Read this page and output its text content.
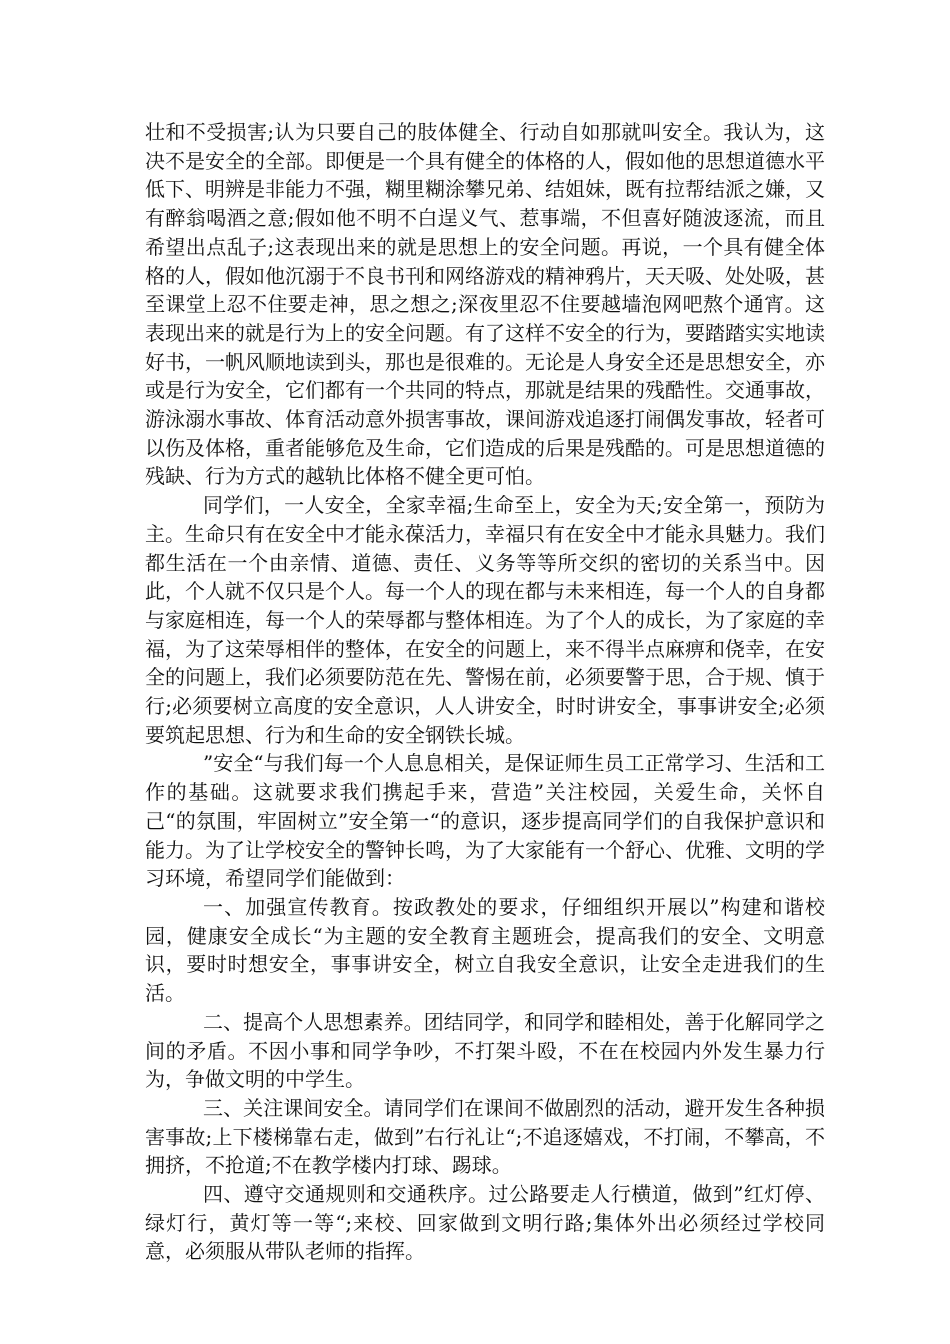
壮和不受损害;认为只要自己的肢体健全、行动自如那就叫安全。我认为，这决不是安全的全部。即便是一个具有健全的体格的人，假如他的思想道德水平低下、明辨是非能力不强，糊里糊涂攀兄弟、结姐妹，既有拉帮结派之嫌，又有醉翁喝酒之意;假如他不明不白逞义气、惹事端，不但喜好随波逐流，而且希望出点乱子;这表现出来的就是思想上的安全问题。再说，一个具有健全体格的人，假如他沉溺于不良书刊和网络游戏的精神鸦片，天天吸、处处吸，甚至课堂上忍不住要走神，思之想之;深夜里忍不住要越墙泡网吧熬个通宵。这表现出来的就是行为上的安全问题。有了这样不安全的行为，要踏踏实实地读好书，一帆风顺地读到头，那也是很难的。无论是人身安全还是思想安全，亦或是行为安全，它们都有一个共同的特点，那就是结果的残酷性。交通事故，游泳溺水事故、体育活动意外损害事故，课间游戏追逐打闹偶发事故，轻者可以伤及体格，重者能够危及生命，它们造成的后果是残酷的。可是思想道德的残缺、行为方式的越轨比体格不健全更可怕。

同学们，一人安全，全家幸福;生命至上，安全为天;安全第一，预防为主。生命只有在安全中才能永葆活力，幸福只有在安全中才能永具魅力。我们都生活在一个由亲情、道德、责任、义务等等所交织的密切的关系当中。因此，个人就不仅只是个人。每一个人的现在都与未来相连，每一个人的自身都与家庭相连，每一个人的荣辱都与整体相连。为了个人的成长，为了家庭的幸福，为了这荣辱相伴的整体，在安全的问题上，来不得半点麻痹和侥幸，在安全的问题上，我们必须要防范在先、警惕在前，必须要警于思，合于规、慎于行;必须要树立高度的安全意识，人人讲安全，时时讲安全，事事讲安全;必须要筑起思想、行为和生命的安全钢铁长城。

”安全“与我们每一个人息息相关，是保证师生员工正常学习、生活和工作的基础。这就要求我们携起手来，营造”关注校园，关爱生命，关怀自己“的氛围，牢固树立”安全第一“的意识，逐步提高同学们的自我保护意识和能力。为了让学校安全的警钟长鸣，为了大家能有一个舒心、优雅、文明的学习环境，希望同学们能做到：

一、加强宣传教育。按政教处的要求，仔细组织开展以”构建和谐校园，健康安全成长“为主题的安全教育主题班会，提高我们的安全、文明意识，要时时想安全，事事讲安全，树立自我安全意识，让安全走进我们的生活。

二、提高个人思想素养。团结同学，和同学和睦相处，善于化解同学之间的矛盾。不因小事和同学争吵，不打架斗殴，不在在校园内外发生暴力行为，争做文明的中学生。

三、关注课间安全。请同学们在课间不做剧烈的活动，避开发生各种损害事故;上下楼梯靠右走，做到”右行礼让“;不追逐嬉戏，不打闹，不攀高，不拥挤，不抢道;不在教学楼内打球、踢球。

四、遵守交通规则和交通秩序。过公路要走人行横道，做到”红灯停、绿灯行，黄灯等一等“;来校、回家做到文明行路;集体外出必须经过学校同意，必须服从带队老师的指挥。
